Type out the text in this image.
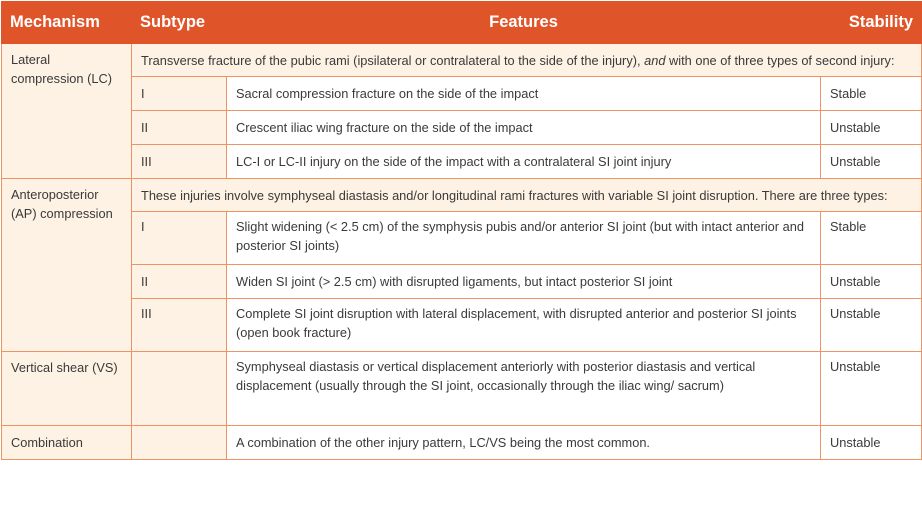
Mechanism	Subtype	Features	Stability
Lateral compression (LC)	Transverse fracture of the pubic rami (ipsilateral or contralateral to the side of the injury), and with one of three types of second injury:		
	I	Sacral compression fracture on the side of the impact	Stable
	II	Crescent iliac wing fracture on the side of the impact	Unstable
	III	LC-I or LC-II injury on the side of the impact with a contralateral SI joint injury	Unstable
Anteroposterior (AP) compression	These injuries involve symphyseal diastasis and/or longitudinal rami fractures with variable SI joint disruption. There are three types:		
	I	Slight widening (< 2.5 cm) of the symphysis pubis and/or anterior SI joint (but with intact anterior and posterior SI joints)	Stable
	II	Widen SI joint (> 2.5 cm) with disrupted ligaments, but intact posterior SI joint	Unstable
	III	Complete SI joint disruption with lateral displacement, with disrupted anterior and posterior SI joints (open book fracture)	Unstable
Vertical shear (VS)		Symphyseal diastasis or vertical displacement anteriorly with posterior diastasis and vertical displacement (usually through the SI joint, occasionally through the iliac wing/ sacrum)	Unstable
Combination		A combination of the other injury pattern, LC/VS being the most common.	Unstable
